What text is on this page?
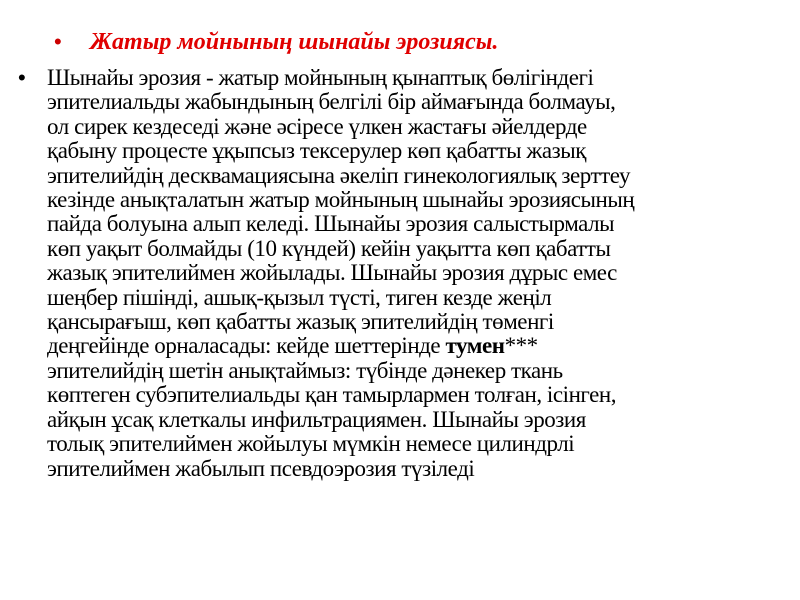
•	Жатыр мойнының шынайы эрозиясы.
• Шынайы эрозия - жатыр мойнының қынаптық бөлігіндегі
эпителиальды жабындының белгілі бір аймағында болмауы,
ол сирек кездеседі және әсіресе үлкен жастағы әйелдерде
қабыну процесте ұқыпсыз тексерулер көп қабатты жазық
эпителийдің десквамациясына әкеліп гинекологиялық зерттеу
кезінде анықталатын жатыр мойнының шынайы эрозиясының
пайда болуына алып келеді. Шынайы эрозия салыстырмалы
көп уақыт болмайды (10 күндей) кейін уақытта көп қабатты
жазық эпителиймен жойылады. Шынайы эрозия дұрыс емес
шеңбер пішінді, ашық-қызыл түсті, тиген кезде жеңіл
қансырағыш, көп қабатты жазық эпителийдің төменгі
деңгейінде орналасады: кейде шеттерінде тумен***
эпителийдің шетін анықтаймыз: түбінде дәнекер ткань
көптеген субэпителиальды қан тамырлармен толған, ісінген,
айқын ұсақ клеткалы инфильтрациямен. Шынайы эрозия
толық эпителиймен жойылуы мүмкін немесе цилиндрлі
эпителиймен жабылып псевдоэрозия түзіледі
